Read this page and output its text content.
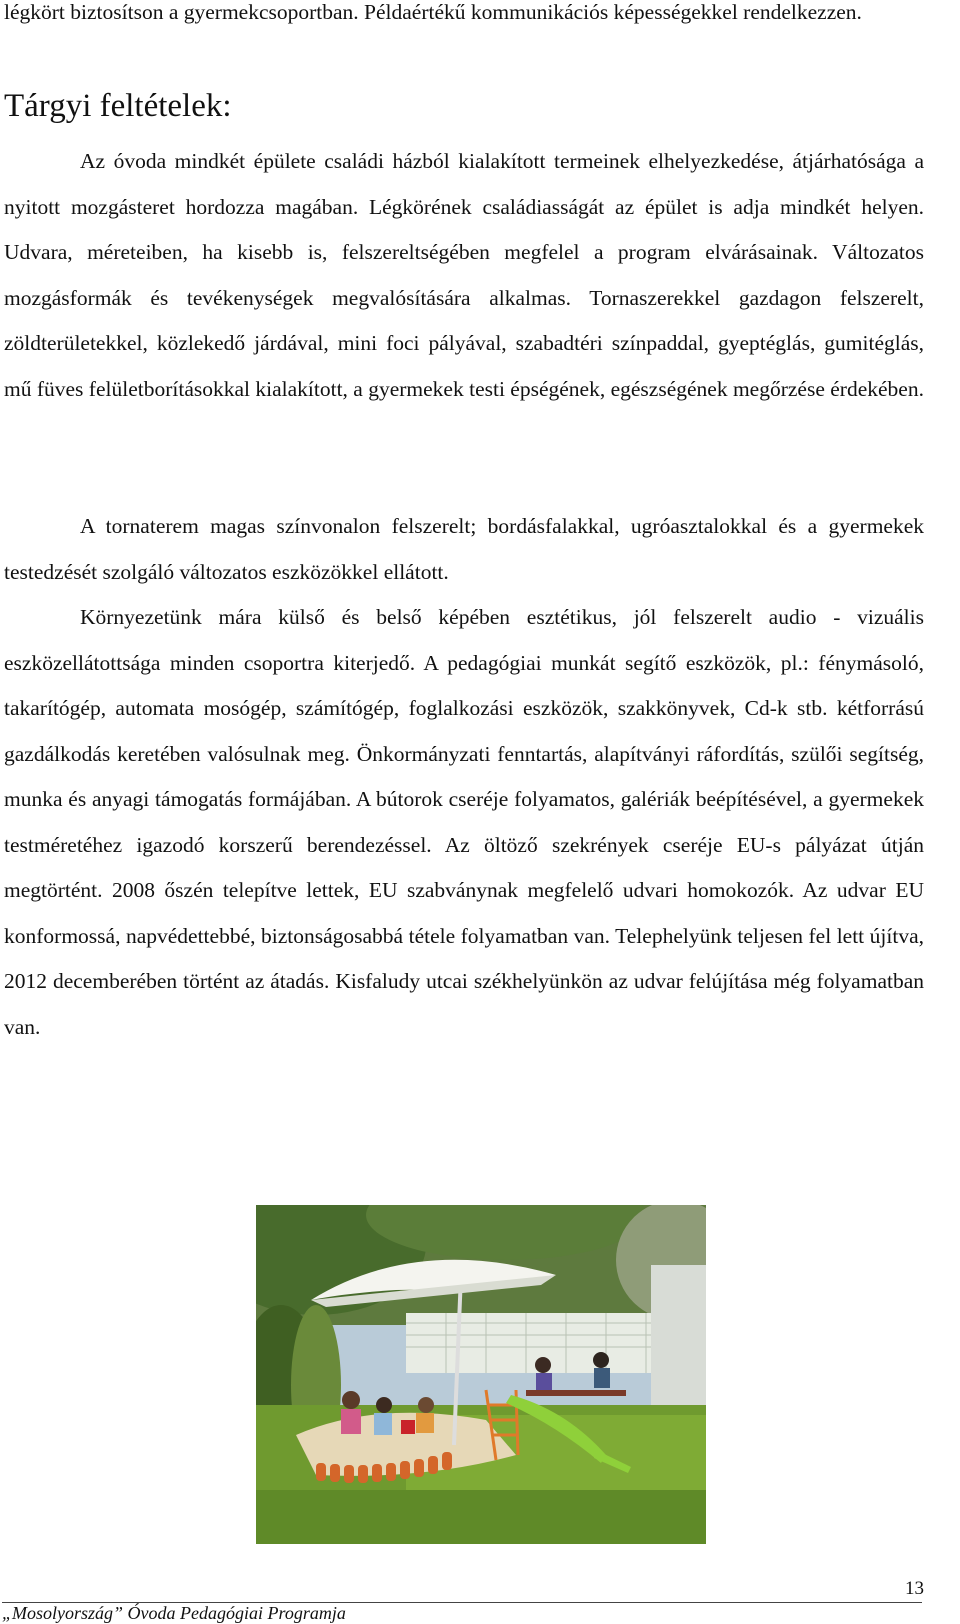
légkört biztosítson a gyermekcsoportban. Példaértékű kommunikációs képességekkel rendelkezzen.

Tárgyi feltételek:

Az óvoda mindkét épülete családi házból kialakított termeinek elhelyezkedése, átjárhatósága a nyitott mozgásteret hordozza magában. Légkörének családiasságát az épület is adja mindkét helyen. Udvara, méreteiben, ha kisebb is, felszereltségében megfelel a program elvárásainak. Változatos mozgásformák és tevékenységek megvalósítására alkalmas. Tornaszerekkel gazdagon felszerelt, zöldterületekkel, közlekedő járdával, mini foci pályával, szabadtéri színpaddal, gyeptéglás, gumitéglás, mű füves felületborításokkal kialakított, a gyermekek testi épségének, egészségének megőrzése érdekében.

A tornaterem magas színvonalon felszerelt; bordásfalakkal, ugróasztalokkal és a gyermekek testedzését szolgáló változatos eszközökkel ellátott.

Környezetünk mára külső és belső képében esztétikus, jól felszerelt audio - vizuális eszközellátottsága minden csoportra kiterjedő. A pedagógiai munkát segítő eszközök, pl.: fénymásoló, takarítógép, automata mosógép, számítógép, foglalkozási eszközök, szakkönyvek, Cd-k stb. kétforrású gazdálkodás keretében valósulnak meg. Önkormányzati fenntartás, alapítványi ráfordítás, szülői segítség, munka és anyagi támogatás formájában. A bútorok cseréje folyamatos, galériák beépítésével, a gyermekek testméretéhez igazodó korszerű berendezéssel. Az öltöző szekrények cseréje EU-s pályázat útján megtörtént. 2008 őszén telepítve lettek, EU szabványnak megfelelő udvari homokozók. Az udvar EU konformossá, napvédettebbé, biztonságosabbá tétele folyamatban van. Telephelyünk teljesen fel lett újítva, 2012 decemberében történt az átadás. Kisfaludy utcai székhelyünkön az udvar felújítása még folyamatban van.

13
„Mosolyország” Óvoda Pedagógiai Programja
